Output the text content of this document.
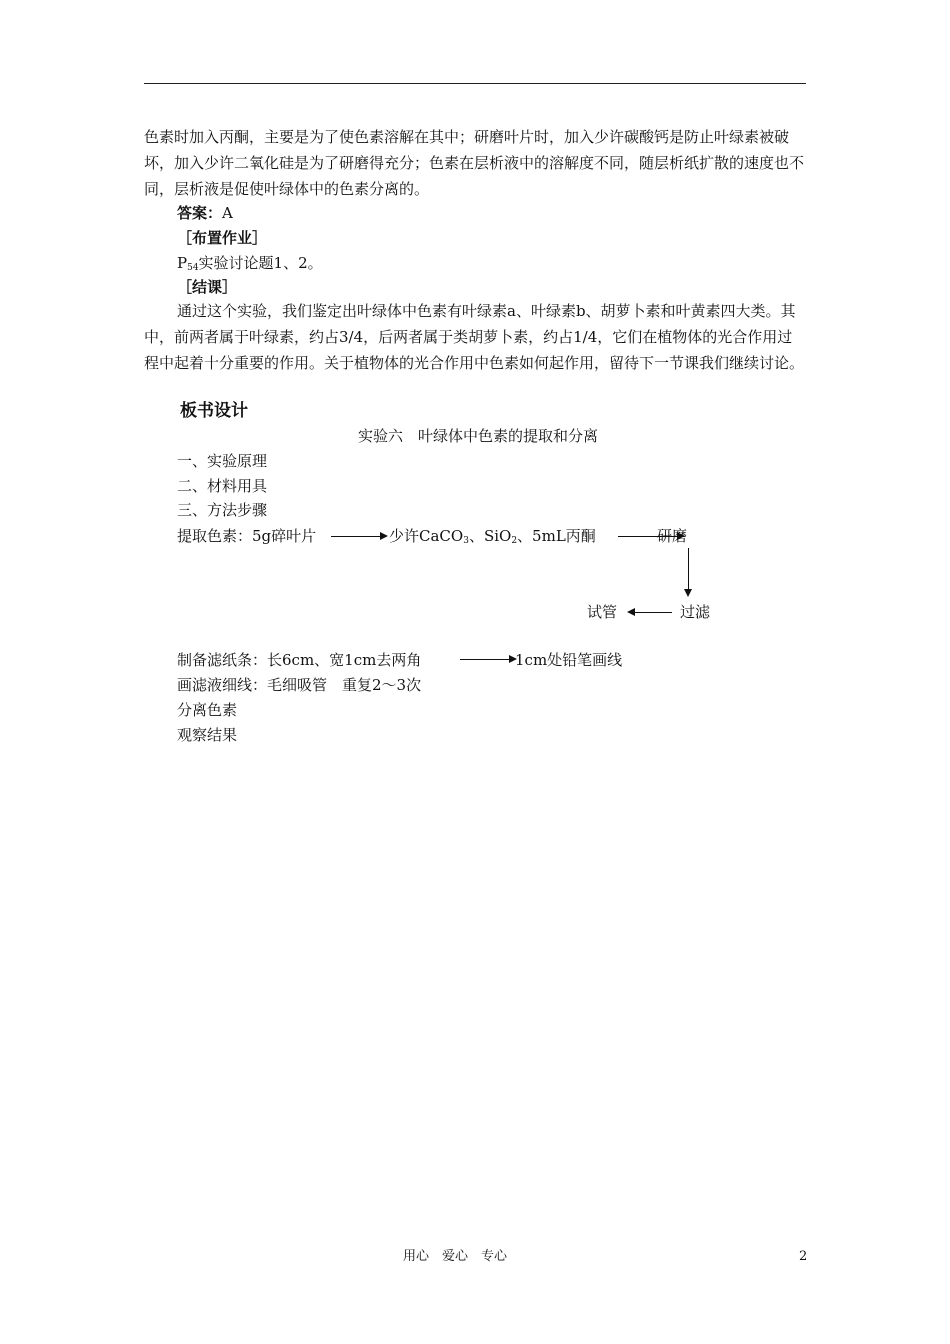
色素时加入丙酮，主要是为了使色素溶解在其中；研磨叶片时，加入少许碳酸钙是防止叶绿素被破坏，加入少许二氧化硅是为了研磨得充分；色素在层析液中的溶解度不同，随层析纸扩散的速度也不同，层析液是促使叶绿体中的色素分离的。
答案：A
［布置作业］
$P_{54}$实验讨论题1、2。
［结课］
通过这个实验，我们鉴定出叶绿体中色素有叶绿素a、叶绿素b、胡萝卜素和叶黄素四大类。其中，前两者属于叶绿素，约占3/4，后两者属于类胡萝卜素，约占1/4，它们在植物体的光合作用过程中起着十分重要的作用。关于植物体的光合作用中色素如何起作用，留待下一节课我们继续讨论。
板书设计
实验六　叶绿体中色素的提取和分离
一、实验原理
二、材料用具
三、方法步骤
提取色素：5g碎叶片	少许CaCO$_3$、SiO$_2$、5mL丙酮	研磨
过滤
试管
制备滤纸条：长6cm、宽1cm去两角	1cm处铅笔画线
画滤液细线：毛细吸管　重复2～3次
分离色素
观察结果
用心　爱心　专心	2
